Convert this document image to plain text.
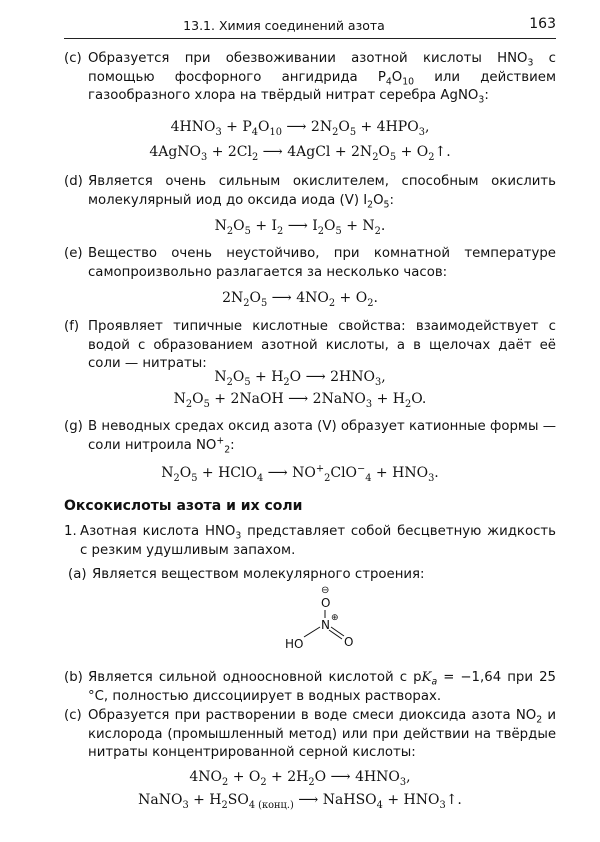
13.1. Химия соединений азота	163
(c) Образуется при обезвоживании азотной кислоты $HNO_3$ с помощью фосфорного ангидрида $P_4O_{10}$ или действием газообразного хлора на твёрдый нитрат серебра AgNO$_3$:
$4HNO_3 + P_4O_{10}$ ⟶ $2N_2O_5 + 4HPO_3$,
4AgNO$_3$ + $2Cl_2$ ⟶ 4AgCl + $2N_2O_5$ + $O_2↑$.
(d) Является очень сильным окислителем, способным окислить молекулярный иод до оксида иода (V) $I_2O_5$:
$N_2O_5 + I_2$ ⟶ $I_2O_5 + N_2$.
(e) Вещество очень неустойчиво, при комнатной температуре самопроизвольно разлагается за несколько часов:
$2N_2O_5$ ⟶ $4NO_2 + O_2$.
(f) Проявляет типичные кислотные свойства: взаимодействует с водой с образованием азотной кислоты, а в щелочах даёт её соли — нитраты:
$N_2O_5 + H_2O$ ⟶ $2HNO_3$,
$N_2O_5$ + 2NaOH ⟶ 2NaNO$_3$ + $H_2O$.
(g) В неводных средах оксид азота (V) образует катионные формы — соли нитроила $NO^+_2$:
$N_2O_5$ + HClO$_4$ ⟶ $NO^+_2ClO^-_4 + HNO_3$.
Оксокислоты азота и их соли
1. Азотная кислота $HNO_3$ представляет собой бесцветную жидкость с резким удушливым запахом.
(a) Является веществом молекулярного строения:
⊖
O
N ⊕
O
HO
(b) Является сильной одноосновной кислотой с $pK_a = -1,64$ при 25 °C, полностью диссоциирует в водных растворах.
(c) Образуется при растворении в воде смеси диоксида азота $NO_2$ и кислорода (промышленный метод) или при действии на твёрдые нитраты концентрированной серной кислоты:
$4NO_2 + O_2 + 2H_2O$ ⟶ $4HNO_3$,
NaNO$_3$ + $H_2SO_{4 (конц.)}$ ⟶ NaHSO$_4$ + $HNO_3↑$.
